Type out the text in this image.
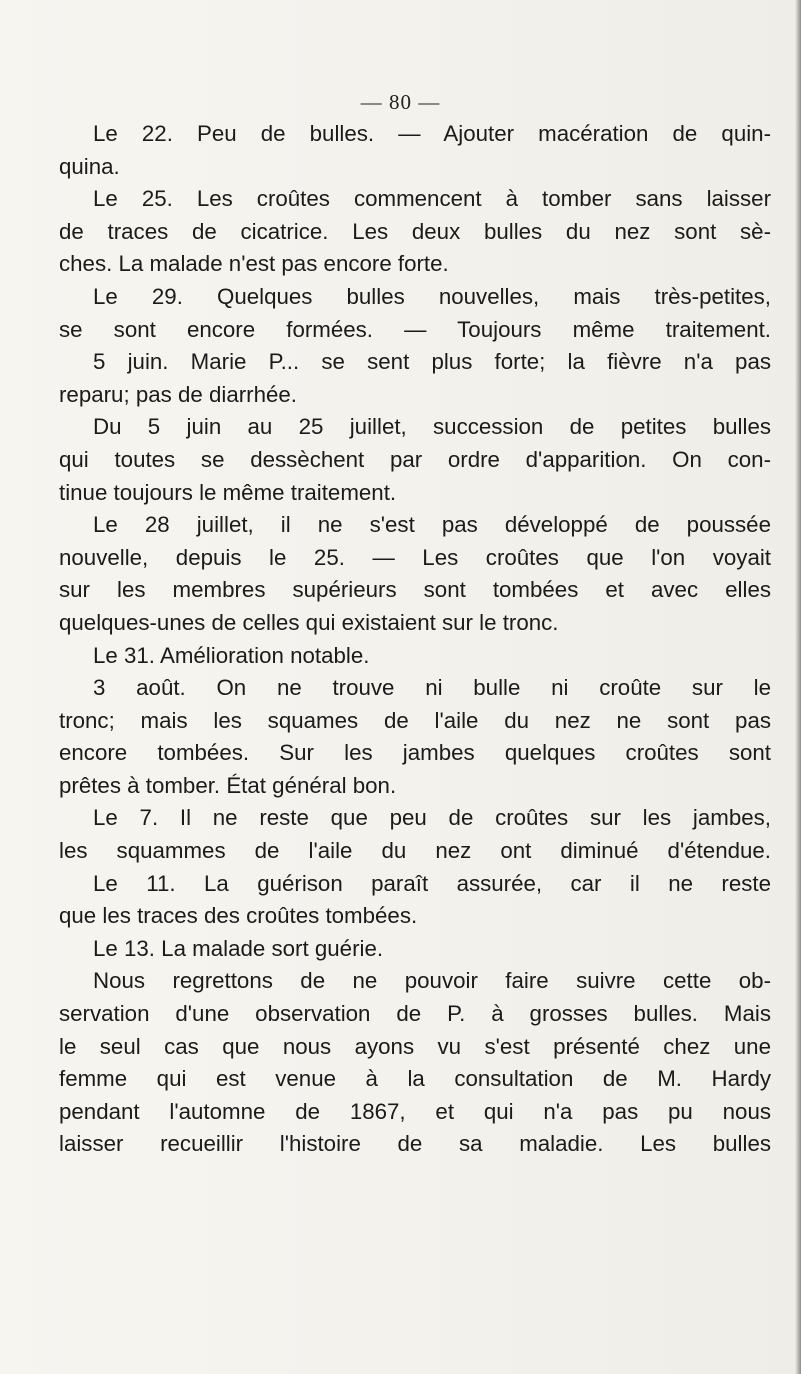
— 80 —
Le 22. Peu de bulles. — Ajouter macération de quin-
quina.
Le 25. Les croûtes commencent à tomber sans laisser
de traces de cicatrice. Les deux bulles du nez sont sè-
ches. La malade n'est pas encore forte.
Le 29. Quelques bulles nouvelles, mais très-petites,
se sont encore formées. — Toujours même traitement.
5 juin. Marie P... se sent plus forte; la fièvre n'a pas
reparu; pas de diarrhée.
Du 5 juin au 25 juillet, succession de petites bulles
qui toutes se dessèchent par ordre d'apparition. On con-
tinue toujours le même traitement.
Le 28 juillet, il ne s'est pas développé de poussée
nouvelle, depuis le 25. — Les croûtes que l'on voyait
sur les membres supérieurs sont tombées et avec elles
quelques-unes de celles qui existaient sur le tronc.
Le 31. Amélioration notable.
3 août. On ne trouve ni bulle ni croûte sur le
tronc; mais les squames de l'aile du nez ne sont pas
encore tombées. Sur les jambes quelques croûtes sont
prêtes à tomber. État général bon.
Le 7. Il ne reste que peu de croûtes sur les jambes,
les squammes de l'aile du nez ont diminué d'étendue.
Le 11. La guérison paraît assurée, car il ne reste
que les traces des croûtes tombées.
Le 13. La malade sort guérie.
Nous regrettons de ne pouvoir faire suivre cette ob-
servation d'une observation de P. à grosses bulles. Mais
le seul cas que nous ayons vu s'est présenté chez une
femme qui est venue à la consultation de M. Hardy
pendant l'automne de 1867, et qui n'a pas pu nous
laisser recueillir l'histoire de sa maladie. Les bulles
